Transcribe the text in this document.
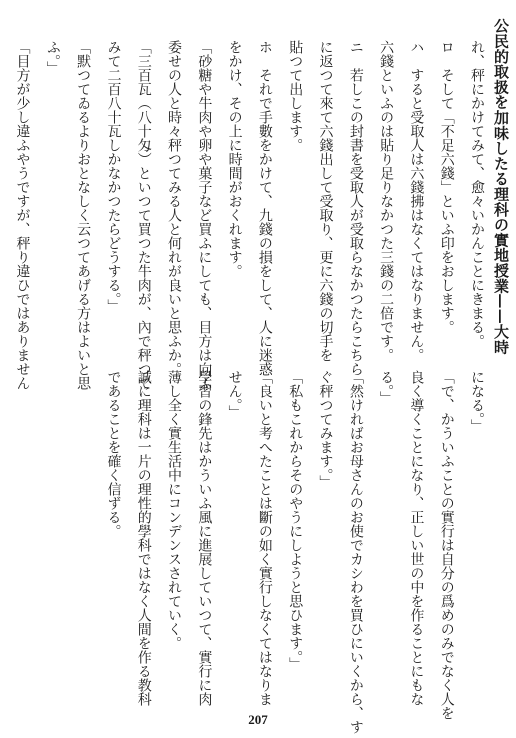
公民的取扱を加味したる理科の實地授業——大時
れ、秤にかけてみて、愈々いかんことにきまる。
ロ　そして「不足六錢」といふ印をおします。
ハ　すると受取人は六錢拂はなくてはなりません。
六錢といふのは貼り足りなかつた三錢の二倍です。
ニ　若しこの封書を受取人が受取らなかつたらこちら
に返つて來て六錢出して受取り、更に六錢の切手を
貼つて出します。
ホ　それで手數をかけて、九錢の損をして、人に迷惑
をかけ、その上に時間がおくれます。
「砂糖や牛肉や卵や菓子など買ふにしても、目方は向ふ
委せの人と時々秤つてみる人と何れが良いと思ふか。
「三百瓦（八十匁）といつて買つた牛肉が、內で秤つて
みて二百八十瓦しかなかつたらどうする。」
「默つてゐるよりおとなしく云つてあげる方はよいと思
ふ。」
「目方が少し違ふやうですが、秤り違ひではありません
になる。」
「で、かういふことの實行は自分の爲めのみでなく人を
良く導くことになり、正しい世の中を作ることにもな
る。」
「然ければお母さんのお使でカシわを買ひにいくから、す
ぐ秤つてみます。」
「私もこれからそのやうにしようと思ひます。」
「良いと考へたことは斷の如く實行しなくてはなりま
せん。」
學習の鋒先はかういふ風に進展していつて、實行に肉
薄し全く實生活中にコンデンスされていく。
誠に理科は一片の理性的學科ではなく人間を作る教科
であることを確く信ずる。
207
